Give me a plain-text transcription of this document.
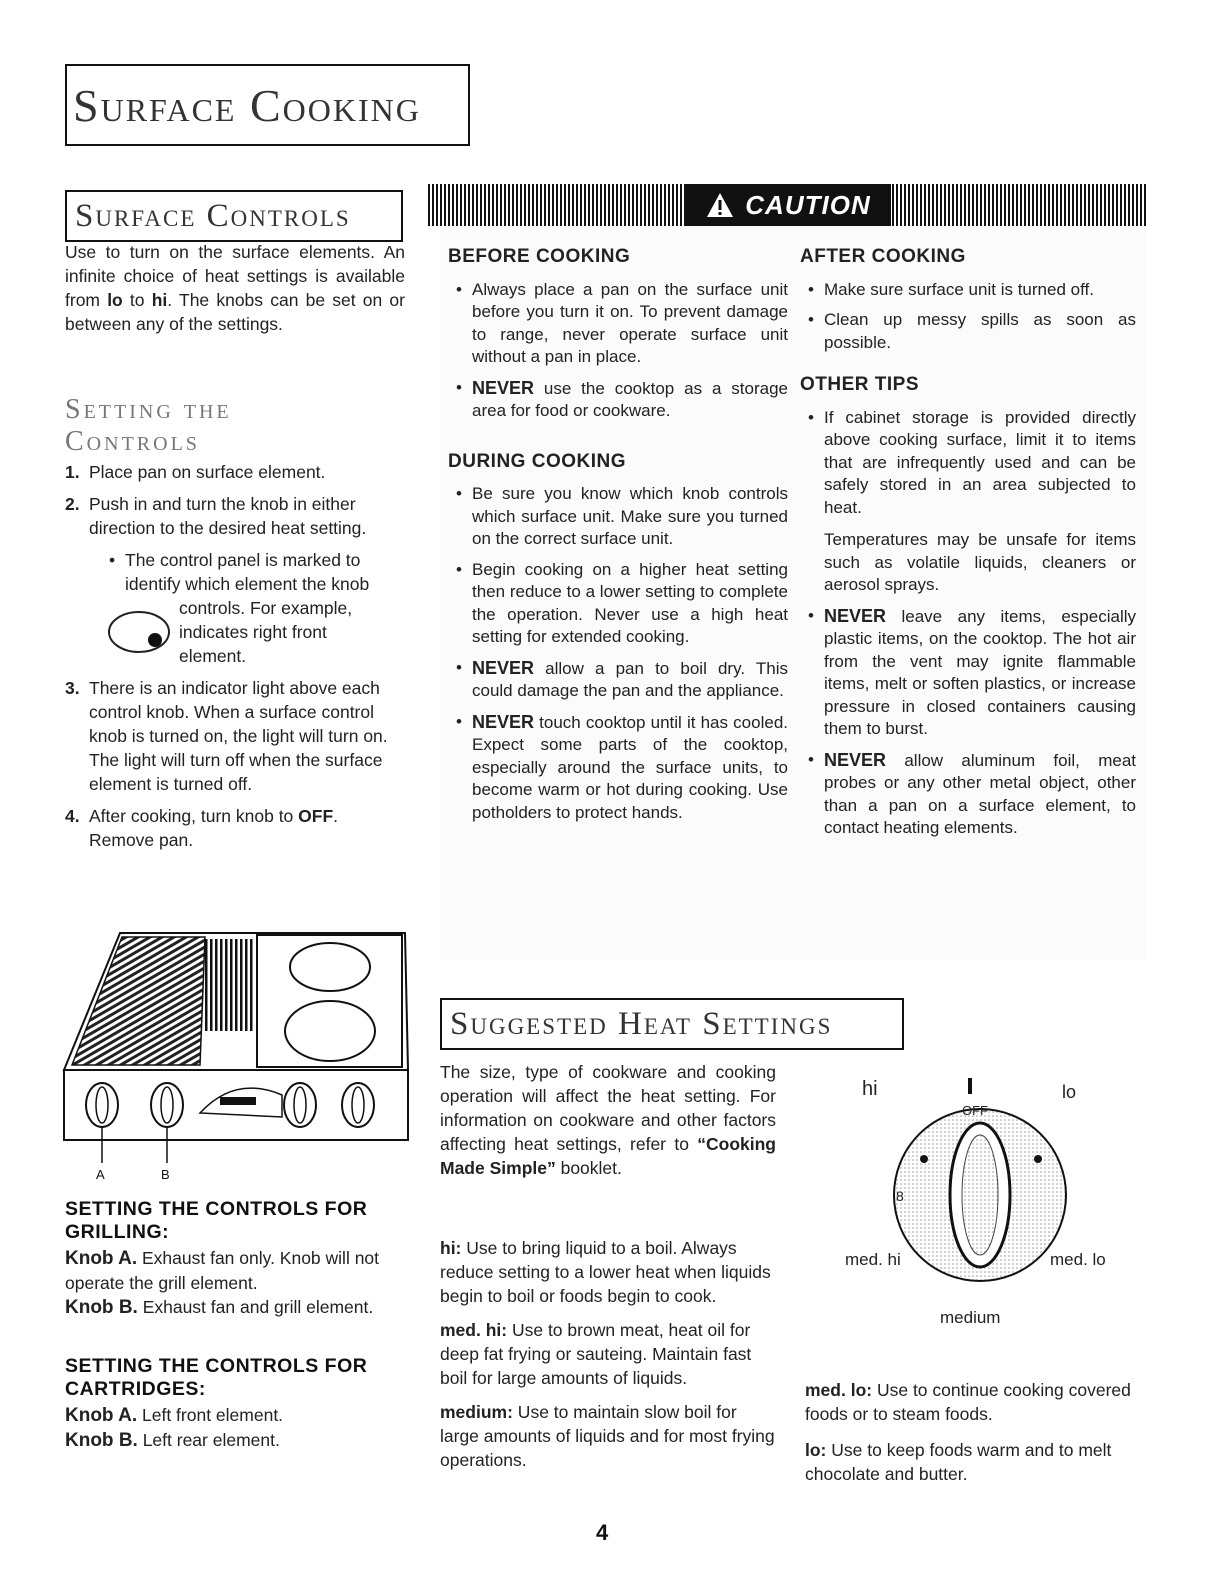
Surface Cooking
Surface Controls
Use to turn on the surface elements. An infinite choice of heat settings is available from lo to hi. The knobs can be set on or between any of the settings.
Setting the
Controls
1. Place pan on surface element.
2. Push in and turn the knob in either direction to the desired heat setting.
• The control panel is marked to identify which element the knob
controls. For example,
indicates right front
element.
3. There is an indicator light above each control knob. When a surface control knob is turned on, the light will turn on. The light will turn off when the surface element is turned off.
4. After cooking, turn knob to OFF. Remove pan.
A	B
SETTING THE CONTROLS FOR GRILLING:
Knob A. Exhaust fan only. Knob will not operate the grill element.
Knob B. Exhaust fan and grill element.
SETTING THE CONTROLS FOR CARTRIDGES:
Knob A. Left front element.
Knob B. Left rear element.
CAUTION
BEFORE COOKING
• Always place a pan on the surface unit before you turn it on. To prevent damage to range, never operate surface unit without a pan in place.
• NEVER use the cooktop as a storage area for food or cookware.
DURING COOKING
• Be sure you know which knob controls which surface unit. Make sure you turned on the correct surface unit.
• Begin cooking on a higher heat setting then reduce to a lower setting to complete the operation. Never use a high heat setting for extended cooking.
• NEVER allow a pan to boil dry. This could damage the pan and the appliance.
• NEVER touch cooktop until it has cooled. Expect some parts of the cooktop, especially around the surface units, to become warm or hot during cooking. Use potholders to protect hands.
AFTER COOKING
• Make sure surface unit is turned off.
• Clean up messy spills as soon as possible.
OTHER TIPS
• If cabinet storage is provided directly above cooking surface, limit it to items that are infrequently used and can be safely stored in an area subjected to heat.
Temperatures may be unsafe for items such as volatile liquids, cleaners or aerosol sprays.
• NEVER leave any items, especially plastic items, on the cooktop. The hot air from the vent may ignite flammable items, melt or soften plastics, or increase pressure in closed containers causing them to burst.
• NEVER allow aluminum foil, meat probes or any other metal object, other than a pan on a surface element, to contact heating elements.
Suggested Heat Settings
The size, type of cookware and cooking operation will affect the heat setting. For information on cookware and other factors affecting heat settings, refer to “Cooking Made Simple” booklet.

hi: Use to bring liquid to a boil. Always reduce setting to a lower heat when liquids begin to boil or foods begin to cook.

med. hi: Use to brown meat, heat oil for deep fat frying or sauteing. Maintain fast boil for large amounts of liquids.

medium: Use to maintain slow boil for large amounts of liquids and for most frying operations.

med. lo: Use to continue cooking covered foods or to steam foods.

lo: Use to keep foods warm and to melt chocolate and butter.

OFF
8
hi	lo
med. hi	med. lo
medium
4
